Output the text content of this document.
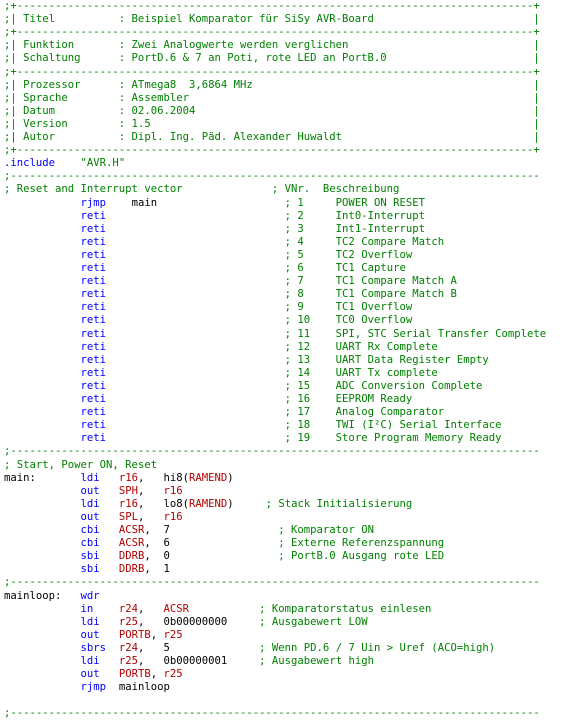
;+---------------------------------------------------------------------------------+
;| Titel          : Beispiel Komparator für SiSy AVR-Board                         |
;+---------------------------------------------------------------------------------+
;| Funktion       : Zwei Analogwerte werden verglichen                             |
;| Schaltung      : PortD.6 & 7 an Poti, rote LED an PortB.0                       |
;+---------------------------------------------------------------------------------+
;| Prozessor      : ATmega8  3,6864 MHz                                            |
;| Sprache        : Assembler                                                      |
;| Datum          : 02.06.2004                                                     |
;| Version        : 1.5                                                            |
;| Autor          : Dipl. Ing. Päd. Alexander Huwaldt                              |
;+---------------------------------------------------------------------------------+
.include "AVR.H"
;-----------------------------------------------------------------------------------
; Reset and Interrupt vector              ; VNr.  Beschreibung
rjmp    main                    ; 1     POWER ON RESET
reti	; 2     Int0-Interrupt
reti	; 3     Int1-Interrupt
reti	; 4     TC2 Compare Match
reti	; 5     TC2 Overflow
reti	; 6     TC1 Capture
reti	; 7     TC1 Compare Match A
reti	; 8     TC1 Compare Match B
reti	; 9     TC1 Overflow
reti	; 10    TC0 Overflow
reti	; 11    SPI, STC Serial Transfer Complete
reti	; 12    UART Rx Complete
reti	; 13    UART Data Register Empty
reti	; 14    UART Tx complete
reti	; 15    ADC Conversion Complete
reti	; 16    EEPROM Ready
reti	; 17    Analog Comparator
reti	; 18    TWI (I²C) Serial Interface
reti	; 19    Store Program Memory Ready
;-----------------------------------------------------------------------------------
; Start, Power ON, Reset
main:       ldi r16,   hi8(RAMEND)
out SPH,   r16
ldi r16,   lo8(RAMEND)     ; Stack Initialisierung
out SPL,   r16
cbi ACSR,  7                 ; Komparator ON
cbi ACSR,  6                 ; Externe Referenzspannung
sbi DDRB,  0                 ; PortB.0 Ausgang rote LED
sbi DDRB,  1
;-----------------------------------------------------------------------------------
mainloop:   wdr
in r24,   ACSR	; Komparatorstatus einlesen
ldi r25,   0b00000000     ; Ausgabewert LOW
out PORTB, r25
sbrs r24,   5              ; Wenn PD.6 / 7 Uin > Uref (ACO=high)
ldi r25,   0b00000001     ; Ausgabewert high
out PORTB, r25
rjmp  mainloop
;-----------------------------------------------------------------------------------
